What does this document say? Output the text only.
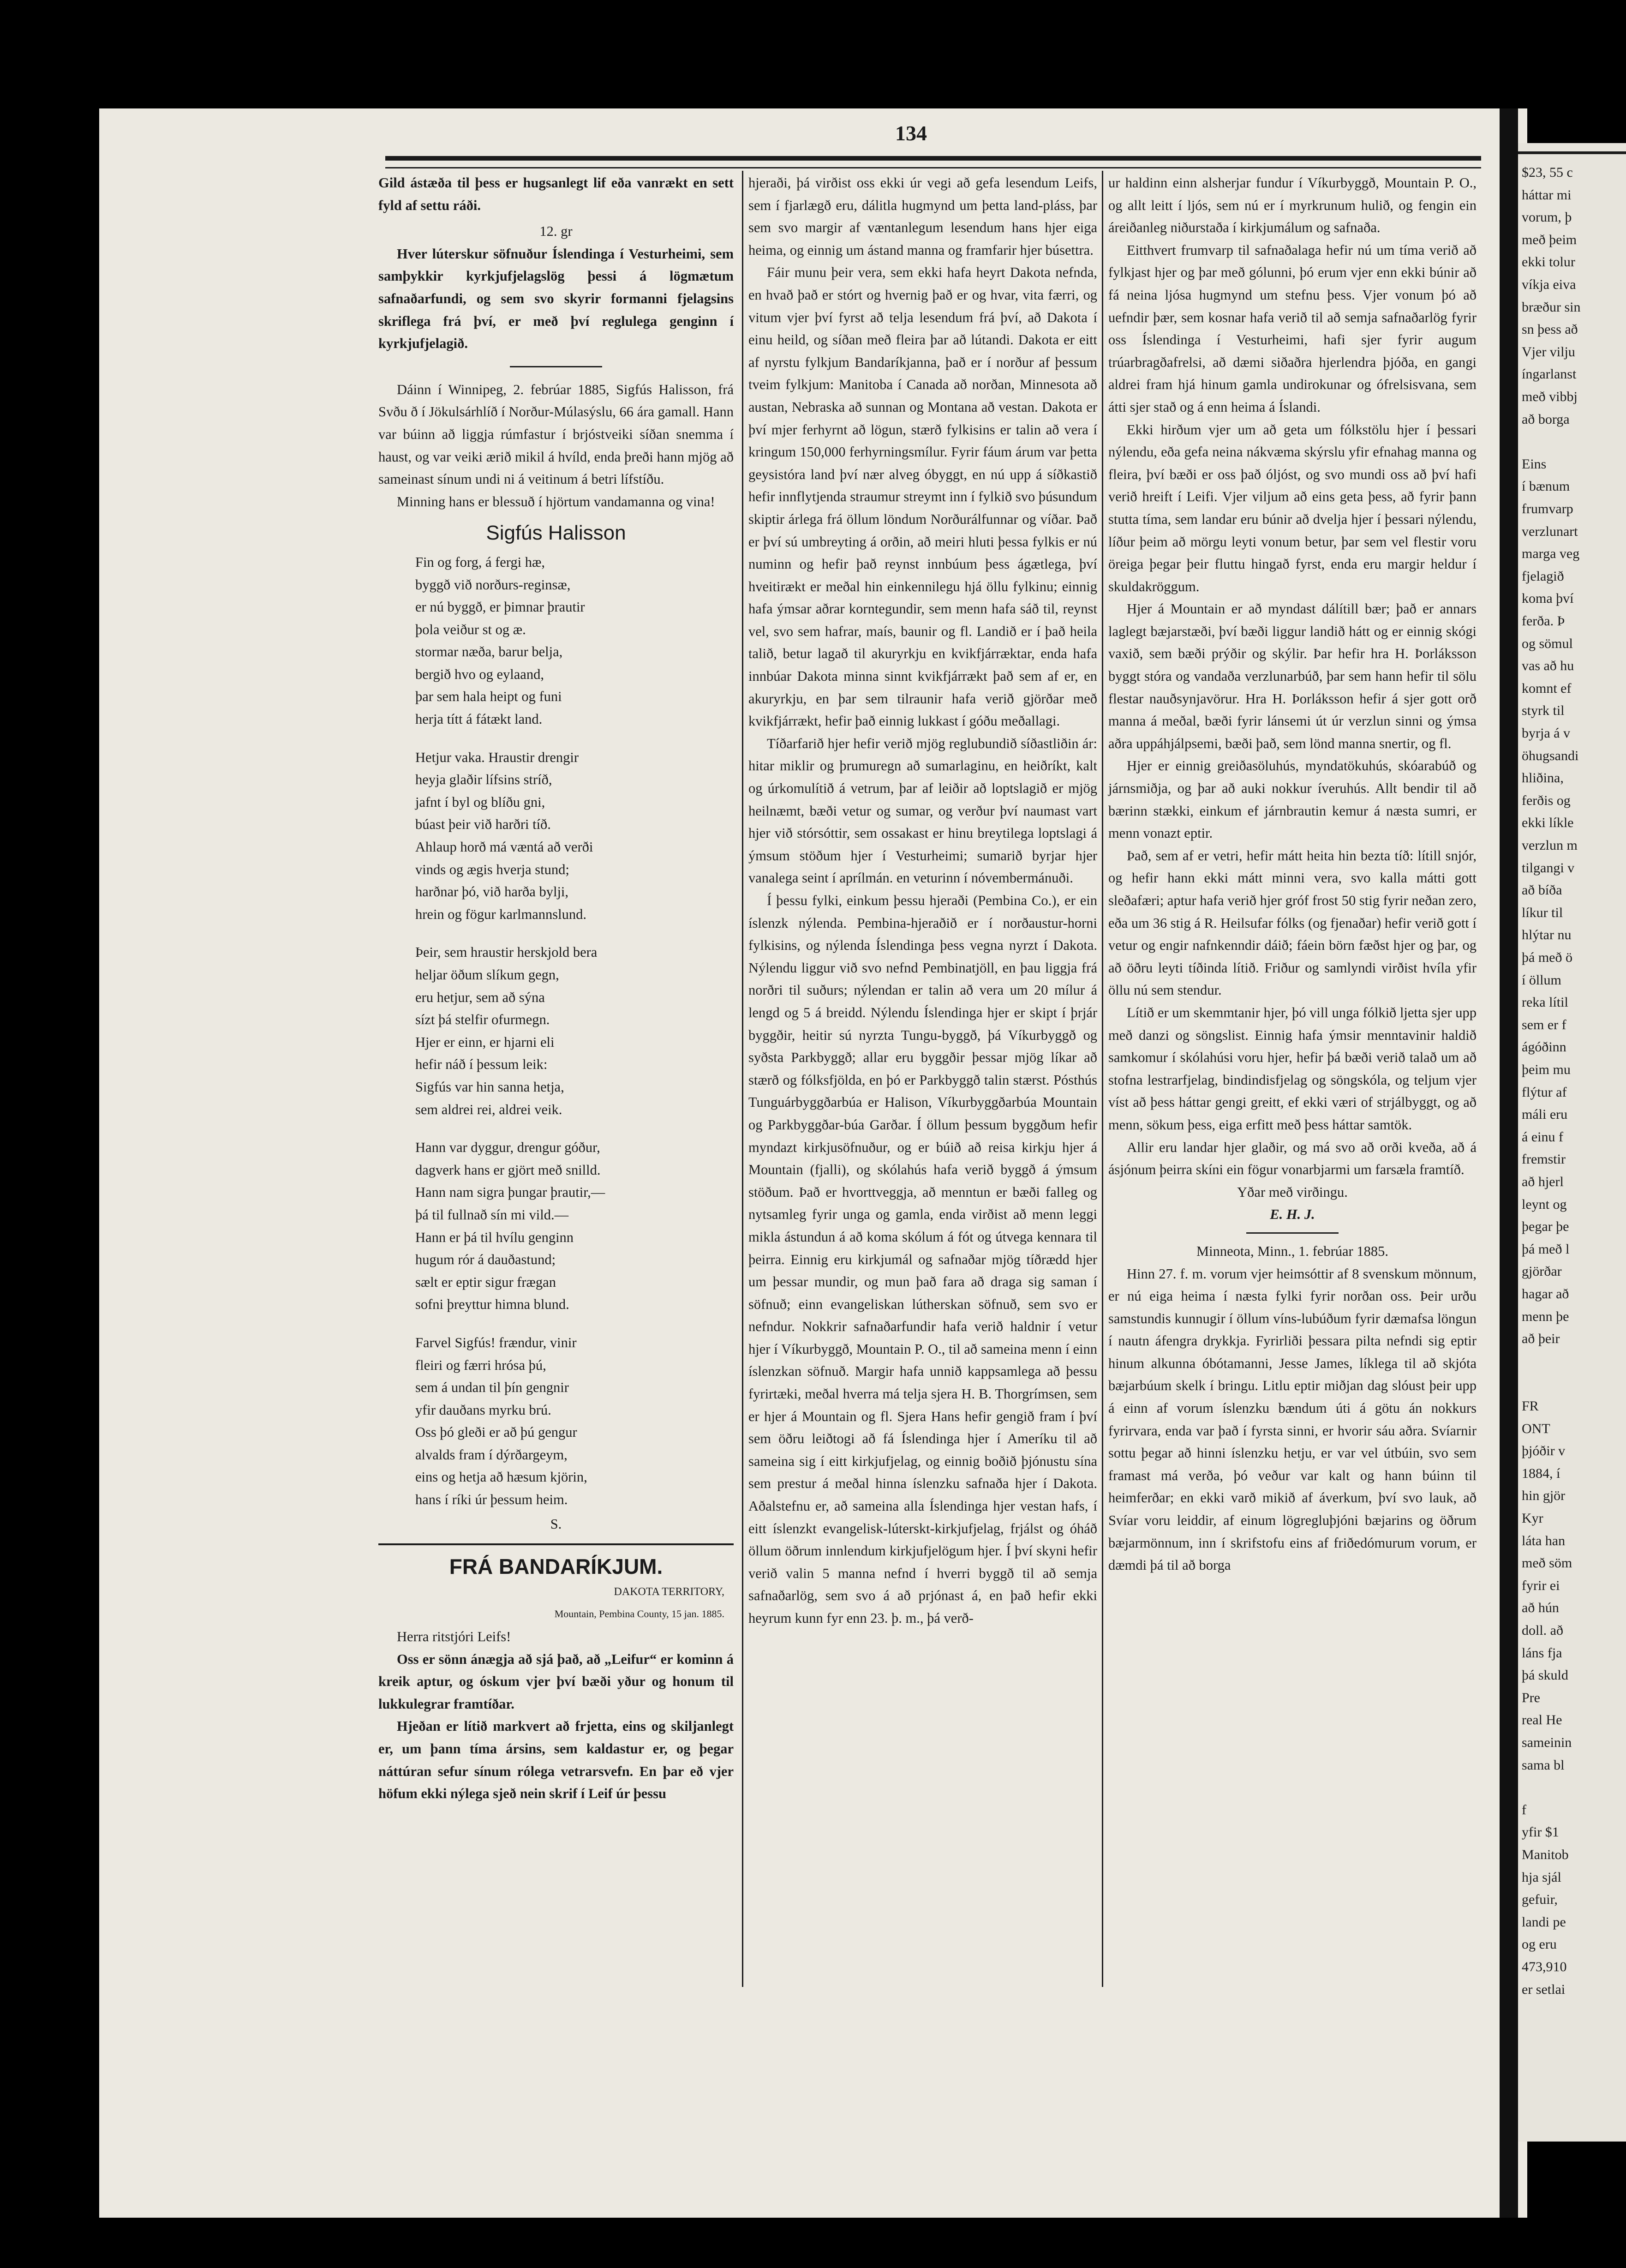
$23, 55 c
háttar mi
vorum, þ
með þeim
ekki tolur
víkja eiva
bræður sin
sn þess að
Vjer vilju
íngarlanst
með vibbj
að borga
Eins
í bænum
frumvarp
verzlunart
marga veg
fjelagið
koma því
ferða. Þ
og sömul
vas að hu
komnt ef
styrk til
byrja á v
öhugsandi
hliðina,
ferðis og
ekki líkle
verzlun m
tilgangi v
að bíða
líkur til
hlýtar nu
þá með ö
í öllum
reka lítil
sem er f
ágóðinn
þeim mu
flýtur af
máli eru
á einu f
fremstir
að hjerl
leynt og
þegar þe
þá með l
gjörðar
hagar að
menn þe
að þeir
FR
ONT
þjóðir v
1884, í
hin gjör
Kyr
láta han
með söm
fyrir ei
að hún
doll. að
láns fja
þá skuld
Pre
real He
sameinin
sama bl
f
yfir $1
Manitob
hja sjál
gefuir,
landi pe
og eru
473,910
er setlai
134

Gild ástæða til þess er hugsanlegt lif eða vanrækt en sett fyld af settu ráði.

12. gr

Hver lúterskur söfnuður Íslendinga í Vesturheimi, sem samþykkir kyrkjufjelagslög þessi á lögmætum safnaðarfundi, og sem svo skyrir formanni fjelagsins skriflega frá því, er með því reglulega genginn í kyrkjufjelagið.

Dáinn í Winnipeg, 2. febrúar 1885, Sigfús Halisson, frá Svðu ð í Jökulsárhlíð í Norður-Múlasýslu, 66 ára gamall. Hann var búinn að liggja rúmfastur í brjóstveiki síðan snemma í haust, og var veiki ærið mikil á hvíld, enda þreði hann mjög að sameinast sínum undi ni á veitinum á betri lífstíðu.

Minning hans er blessuð í hjörtum vandamanna og vina!

Sigfús Halisson

Fin og forg, á fergi hæ,

byggð við norðurs-reginsæ,

er nú byggð, er þimnar þrautir

þola veiður st og æ.

stormar næða, barur belja,

bergið hvo og eylaand,

þar sem hala heipt og funi

herja títt á fátækt land.

Hetjur vaka. Hraustir drengir

heyja glaðir lífsins stríð,

jafnt í byl og blíðu gni,

búast þeir við harðri tíð.

Ahlaup horð má væntá að verði

vinds og ægis hverja stund;

harðnar þó, við harða bylji,

hrein og fögur karlmannslund.

Þeir, sem hraustir herskjold bera

heljar öðum slíkum gegn,

eru hetjur, sem að sýna

sízt þá stelfir ofurmegn.

Hjer er einn, er hjarni eli

hefir náð í þessum leik:

Sigfús var hin sanna hetja,

sem aldrei rei, aldrei veik.

Hann var dyggur, drengur góður,

dagverk hans er gjört með snilld.

Hann nam sigra þungar þrautir,—

þá til fullnað sín mi vild.—

Hann er þá til hvílu genginn

hugum rór á dauðastund;

sælt er eptir sigur frægan

sofni þreyttur himna blund.

Farvel Sigfús! frændur, vinir

fleiri og færri hrósa þú,

sem á undan til þín gengnir

yfir dauðans myrku brú.

Oss þó gleði er að þú gengur

alvalds fram í dýrðargeym,

eins og hetja að hæsum kjörin,

hans í ríki úr þessum heim.

S.

FRÁ BANDARÍKJUM.

DAKOTA TERRITORY,

Mountain, Pembina County, 15 jan. 1885.

Herra ritstjóri Leifs!

Oss er sönn ánægja að sjá það, að „Leifur“ er kominn á kreik aptur, og óskum vjer því bæði yður og honum til lukkulegrar framtíðar.

Hjeðan er lítið markvert að frjetta, eins og skiljanlegt er, um þann tíma ársins, sem kaldastur er, og þegar náttúran sefur sínum rólega vetrarsvefn. En þar eð vjer höfum ekki nýlega sjeð nein skrif í Leif úr þessu

hjeraði, þá virðist oss ekki úr vegi að gefa lesendum Leifs, sem í fjarlægð eru, dálitla hugmynd um þetta land-pláss, þar sem svo margir af væntanlegum lesendum hans hjer eiga heima, og einnig um ástand manna og framfarir hjer búsettra.

Fáir munu þeir vera, sem ekki hafa heyrt Dakota nefnda, en hvað það er stórt og hvernig það er og hvar, vita færri, og vitum vjer því fyrst að telja lesendum frá því, að Dakota í einu heild, og síðan með fleira þar að lútandi. Dakota er eitt af nyrstu fylkjum Bandaríkjanna, það er í norður af þessum tveim fylkjum: Manitoba í Canada að norðan, Minnesota að austan, Nebraska að sunnan og Montana að vestan. Dakota er því mjer ferhyrnt að lögun, stærð fylkisins er talin að vera í kringum 150,000 ferhyrningsmílur. Fyrir fáum árum var þetta geysistóra land því nær alveg óbyggt, en nú upp á síðkastið hefir innflytjenda straumur streymt inn í fylkið svo þúsundum skiptir árlega frá öllum löndum Norðurálfunnar og víðar. Það er því sú umbreyting á orðin, að meiri hluti þessa fylkis er nú numinn og hefir það reynst innbúum þess ágætlega, því hveitirækt er meðal hin einkennilegu hjá öllu fylkinu; einnig hafa ýmsar aðrar korntegundir, sem menn hafa sáð til, reynst vel, svo sem hafrar, maís, baunir og fl. Landið er í það heila talið, betur lagað til akuryrkju en kvikfjárræktar, enda hafa innbúar Dakota minna sinnt kvikfjárrækt það sem af er, en akuryrkju, en þar sem tilraunir hafa verið gjörðar með kvikfjárrækt, hefir það einnig lukkast í góðu meðallagi.

Tíðarfarið hjer hefir verið mjög reglubundið síðastliðin ár: hitar miklir og þrumuregn að sumarlaginu, en heiðríkt, kalt og úrkomulítið á vetrum, þar af leiðir að loptslagið er mjög heilnæmt, bæði vetur og sumar, og verður því naumast vart hjer við stórsóttir, sem ossakast er hinu breytilega loptslagi á ýmsum stöðum hjer í Vesturheimi; sumarið byrjar hjer vanalega seint í aprílmán. en veturinn í nóvembermánuði.

Í þessu fylki, einkum þessu hjeraði (Pembina Co.), er ein íslenzk nýlenda. Pembina-hjeraðið er í norðaustur-horni fylkisins, og nýlenda Íslendinga þess vegna nyrzt í Dakota. Nýlendu liggur við svo nefnd Pembinatjöll, en þau liggja frá norðri til suðurs; nýlendan er talin að vera um 20 mílur á lengd og 5 á breidd. Nýlendu Íslendinga hjer er skipt í þrjár byggðir, heitir sú nyrzta Tungu-byggð, þá Víkurbyggð og syðsta Parkbyggð; allar eru byggðir þessar mjög líkar að stærð og fólksfjölda, en þó er Parkbyggð talin stærst. Pósthús Tunguárbyggðarbúa er Halison, Víkurbyggðarbúa Mountain og Parkbyggðar-búa Garðar. Í öllum þessum byggðum hefir myndazt kirkjusöfnuður, og er búið að reisa kirkju hjer á Mountain (fjalli), og skólahús hafa verið byggð á ýmsum stöðum. Það er hvorttveggja, að menntun er bæði falleg og nytsamleg fyrir unga og gamla, enda virðist að menn leggi mikla ástundun á að koma skólum á fót og útvega kennara til þeirra. Einnig eru kirkjumál og safnaðar mjög tíðrædd hjer um þessar mundir, og mun það fara að draga sig saman í söfnuð; einn evangeliskan lútherskan söfnuð, sem svo er nefndur. Nokkrir safnaðarfundir hafa verið haldnir í vetur hjer í Víkurbyggð, Mountain P. O., til að sameina menn í einn íslenzkan söfnuð. Margir hafa unnið kappsamlega að þessu fyrirtæki, meðal hverra má telja sjera H. B. Thorgrímsen, sem er hjer á Mountain og fl. Sjera Hans hefir gengið fram í því sem öðru leiðtogi að fá Íslendinga hjer í Ameríku til að sameina sig í eitt kirkjufjelag, og einnig boðið þjónustu sína sem prestur á meðal hinna íslenzku safnaða hjer í Dakota. Aðalstefnu er, að sameina alla Íslendinga hjer vestan hafs, í eitt íslenzkt evangelisk-lúterskt-kirkjufjelag, frjálst og óháð öllum öðrum innlendum kirkjufjelögum hjer. Í því skyni hefir verið valin 5 manna nefnd í hverri byggð til að semja safnaðarlög, sem svo á að prjónast á, en það hefir ekki heyrum kunn fyr enn 23. þ. m., þá verð-

ur haldinn einn alsherjar fundur í Víkurbyggð, Mountain P. O., og allt leitt í ljós, sem nú er í myrkrunum hulið, og fengin ein áreiðanleg niðurstaða í kirkjumálum og safnaða.

Eitthvert frumvarp til safnaðalaga hefir nú um tíma verið að fylkjast hjer og þar með gólunni, þó erum vjer enn ekki búnir að fá neina ljósa hugmynd um stefnu þess. Vjer vonum þó að uefndir þær, sem kosnar hafa verið til að semja safnaðarlög fyrir oss Íslendinga í Vesturheimi, hafi sjer fyrir augum trúarbragðafrelsi, að dæmi siðaðra hjerlendra þjóða, en gangi aldrei fram hjá hinum gamla undirokunar og ófrelsisvana, sem átti sjer stað og á enn heima á Íslandi.

Ekki hirðum vjer um að geta um fólkstölu hjer í þessari nýlendu, eða gefa neina nákvæma skýrslu yfir efnahag manna og fleira, því bæði er oss það óljóst, og svo mundi oss að því hafi verið hreift í Leifi. Vjer viljum að eins geta þess, að fyrir þann stutta tíma, sem landar eru búnir að dvelja hjer í þessari nýlendu, líður þeim að mörgu leyti vonum betur, þar sem vel flestir voru öreiga þegar þeir fluttu hingað fyrst, enda eru margir heldur í skuldakröggum.

Hjer á Mountain er að myndast dálítill bær; það er annars laglegt bæjarstæði, því bæði liggur landið hátt og er einnig skógi vaxið, sem bæði prýðir og skýlir. Þar hefir hra H. Þorláksson byggt stóra og vandaða verzlunarbúð, þar sem hann hefir til sölu flestar nauðsynjavörur. Hra H. Þorláksson hefir á sjer gott orð manna á meðal, bæði fyrir lánsemi út úr verzlun sinni og ýmsa aðra uppáhjálpsemi, bæði það, sem lönd manna snertir, og fl.

Hjer er einnig greiðasöluhús, myndatökuhús, skóarabúð og járnsmiðja, og þar að auki nokkur íveruhús. Allt bendir til að bærinn stækki, einkum ef járnbrautin kemur á næsta sumri, er menn vonazt eptir.

Það, sem af er vetri, hefir mátt heita hin bezta tíð: lítill snjór, og hefir hann ekki mátt minni vera, svo kalla mátti gott sleðafæri; aptur hafa verið hjer gróf frost 50 stig fyrir neðan zero, eða um 36 stig á R. Heilsufar fólks (og fjenaðar) hefir verið gott í vetur og engir nafnkenndir dáið; fáein börn fæðst hjer og þar, og að öðru leyti tíðinda lítið. Friður og samlyndi virðist hvíla yfir öllu nú sem stendur.

Lítið er um skemmtanir hjer, þó vill unga fólkið ljetta sjer upp með danzi og söngslist. Einnig hafa ýmsir menntavinir haldið samkomur í skólahúsi voru hjer, hefir þá bæði verið talað um að stofna lestrarfjelag, bindindisfjelag og söngskóla, og teljum vjer víst að þess háttar gengi greitt, ef ekki væri of strjálbyggt, og að menn, sökum þess, eiga erfitt með þess háttar samtök.

Allir eru landar hjer glaðir, og má svo að orði kveða, að á ásjónum þeirra skíni ein fögur vonarbjarmi um farsæla framtíð.

Yðar með virðingu.

E. H. J.

Minneota, Minn., 1. febrúar 1885.

Hinn 27. f. m. vorum vjer heimsóttir af 8 svenskum mönnum, er nú eiga heima í næsta fylki fyrir norðan oss. Þeir urðu samstundis kunnugir í öllum víns-lubúðum fyrir dæmafsa löngun í nautn áfengra drykkja. Fyrirliði þessara pilta nefndi sig eptir hinum alkunna óbótamanni, Jesse James, líklega til að skjóta bæjarbúum skelk í bringu. Litlu eptir miðjan dag slóust þeir upp á einn af vorum íslenzku bændum úti á götu án nokkurs fyrirvara, enda var það í fyrsta sinni, er hvorir sáu aðra. Svíarnir sottu þegar að hinni íslenzku hetju, er var vel útbúin, svo sem framast má verða, þó veður var kalt og hann búinn til heimferðar; en ekki varð mikið af áverkum, því svo lauk, að Svíar voru leiddir, af einum lögregluþjóni bæjarins og öðrum bæjarmönnum, inn í skrifstofu eins af friðedómurum vorum, er dæmdi þá til að borga
